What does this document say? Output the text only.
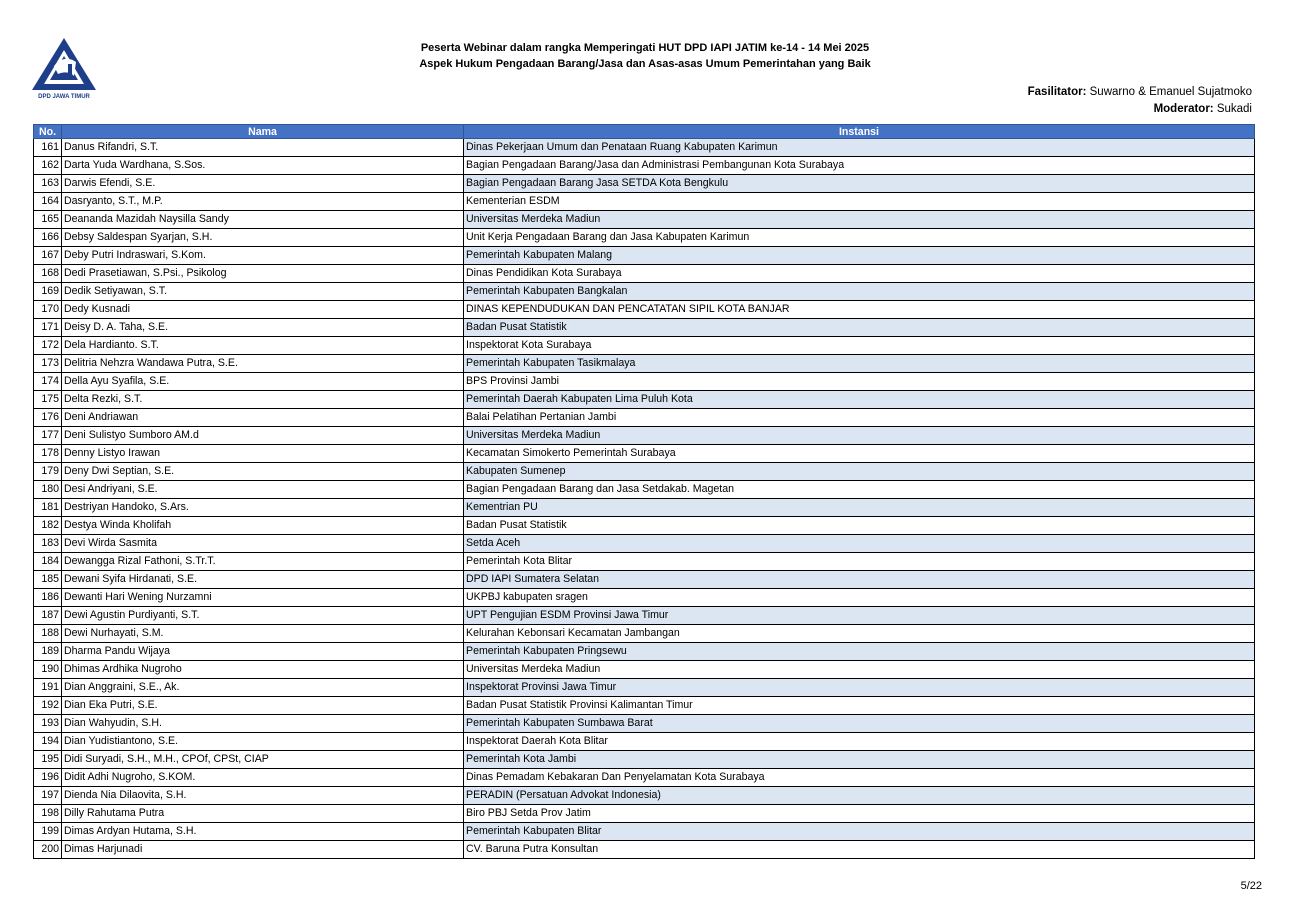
DPD JAWA TIMUR
Peserta Webinar dalam rangka Memperingati HUT DPD IAPI JATIM ke-14 - 14 Mei 2025
Aspek Hukum Pengadaan Barang/Jasa dan Asas-asas Umum Pemerintahan yang Baik
Fasilitator: Suwarno & Emanuel Sujatmoko
Moderator: Sukadi
No.	Nama	Instansi
161	Danus Rifandri, S.T.	Dinas Pekerjaan Umum dan Penataan Ruang Kabupaten Karimun
162	Darta Yuda Wardhana, S.Sos.	Bagian Pengadaan Barang/Jasa dan Administrasi Pembangunan Kota Surabaya
163	Darwis Efendi, S.E.	Bagian Pengadaan Barang Jasa SETDA Kota Bengkulu
164	Dasryanto, S.T., M.P.	Kementerian ESDM
165	Deananda Mazidah Naysilla Sandy	Universitas Merdeka Madiun
166	Debsy Saldespan Syarjan, S.H.	Unit Kerja Pengadaan Barang dan Jasa Kabupaten Karimun
167	Deby Putri Indraswari, S.Kom.	Pemerintah Kabupaten Malang
168	Dedi Prasetiawan, S.Psi., Psikolog	Dinas Pendidikan Kota Surabaya
169	Dedik Setiyawan, S.T.	Pemerintah Kabupaten Bangkalan
170	Dedy Kusnadi	DINAS KEPENDUDUKAN DAN PENCATATAN SIPIL KOTA BANJAR
171	Deisy D. A. Taha, S.E.	Badan Pusat Statistik
172	Dela Hardianto. S.T.	Inspektorat Kota Surabaya
173	Delitria Nehzra Wandawa Putra, S.E.	Pemerintah Kabupaten Tasikmalaya
174	Della Ayu Syafila, S.E.	BPS Provinsi Jambi
175	Delta Rezki, S.T.	Pemerintah Daerah Kabupaten Lima Puluh Kota
176	Deni Andriawan	Balai Pelatihan Pertanian Jambi
177	Deni Sulistyo Sumboro AM.d	Universitas Merdeka Madiun
178	Denny Listyo Irawan	Kecamatan Simokerto Pemerintah Surabaya
179	Deny Dwi Septian, S.E.	Kabupaten Sumenep
180	Desi Andriyani, S.E.	Bagian Pengadaan Barang dan Jasa Setdakab. Magetan
181	Destriyan Handoko, S.Ars.	Kementrian PU
182	Destya Winda Kholifah	Badan Pusat Statistik
183	Devi Wirda Sasmita	Setda Aceh
184	Dewangga Rizal Fathoni, S.Tr.T.	Pemerintah Kota Blitar
185	Dewani Syifa Hirdanati, S.E.	DPD IAPI Sumatera Selatan
186	Dewanti Hari Wening Nurzamni	UKPBJ kabupaten sragen
187	Dewi Agustin Purdiyanti, S.T.	UPT Pengujian ESDM Provinsi Jawa Timur
188	Dewi Nurhayati, S.M.	Kelurahan Kebonsari Kecamatan Jambangan
189	Dharma Pandu Wijaya	Pemerintah Kabupaten Pringsewu
190	Dhimas Ardhika Nugroho	Universitas Merdeka Madiun
191	Dian Anggraini, S.E., Ak.	Inspektorat Provinsi Jawa Timur
192	Dian Eka Putri, S.E.	Badan Pusat Statistik Provinsi Kalimantan Timur
193	Dian Wahyudin, S.H.	Pemerintah Kabupaten Sumbawa Barat
194	Dian Yudistiantono, S.E.	Inspektorat Daerah Kota Blitar
195	Didi Suryadi, S.H., M.H., CPOf, CPSt, CIAP	Pemerintah Kota Jambi
196	Didit Adhi Nugroho, S.KOM.	Dinas Pemadam Kebakaran Dan Penyelamatan Kota Surabaya
197	Dienda Nia Dilaovita, S.H.	PERADIN (Persatuan Advokat Indonesia)
198	Dilly Rahutama Putra	Biro PBJ Setda Prov Jatim
199	Dimas Ardyan Hutama, S.H.	Pemerintah Kabupaten Blitar
200	Dimas Harjunadi	CV. Baruna Putra Konsultan
5/22
